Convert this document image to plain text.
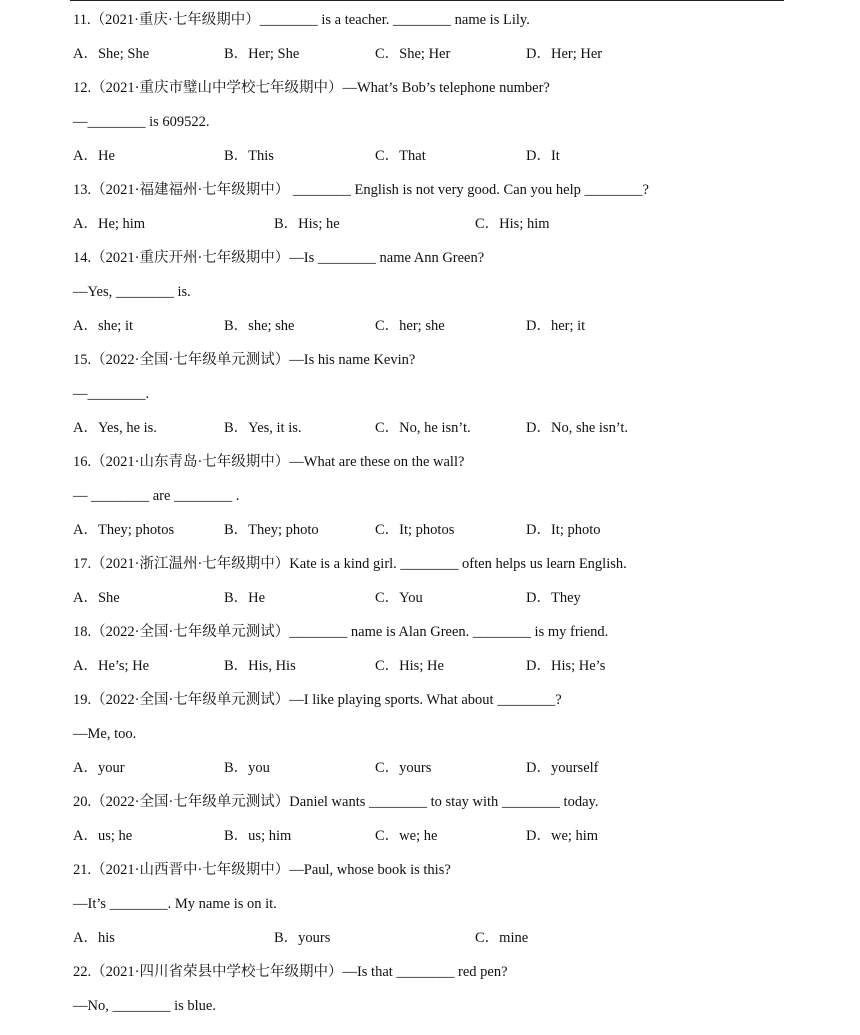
11.（2021·重庆·七年级期中）________ is a teacher. ________ name is Lily.
A．She; She	B．Her; She	C．She; Her	D．Her; Her
12.（2021·重庆市璧山中学校七年级期中）—What’s Bob’s telephone number?
—________ is 609522.
A．He	B．This	C．That	D．It
13.（2021·福建福州·七年级期中） ________ English is not very good. Can you help ________?
A．He; him	B．His; he	C．His; him
14.（2021·重庆开州·七年级期中）—Is ________ name Ann Green?
—Yes, ________ is.
A．she; it	B．she; she	C．her; she	D．her; it
15.（2022·全国·七年级单元测试）—Is his name Kevin?
—________.
A．Yes, he is.	B．Yes, it is.	C．No, he isn’t.	D．No, she isn’t.
16.（2021·山东青岛·七年级期中）—What are these on the wall?
— ________ are ________ .
A．They; photos	B．They; photo	C．It; photos	D．It; photo
17.（2021·浙江温州·七年级期中）Kate is a kind girl. ________ often helps us learn English.
A．She	B．He	C．You	D．They
18.（2022·全国·七年级单元测试）________ name is Alan Green. ________ is my friend.
A．He’s; He	B．His, His	C．His; He	D．His; He’s
19.（2022·全国·七年级单元测试）—I like playing sports. What about ________?
—Me, too.
A．your	B．you	C．yours	D．yourself
20.（2022·全国·七年级单元测试）Daniel wants ________ to stay with ________ today.
A．us; he	B．us; him	C．we; he	D．we; him
21.（2021·山西晋中·七年级期中）—Paul, whose book is this?
—It’s ________. My name is on it.
A．his	B．yours	C．mine
22.（2021·四川省荣县中学校七年级期中）—Is that ________ red pen?
—No, ________ is blue.
